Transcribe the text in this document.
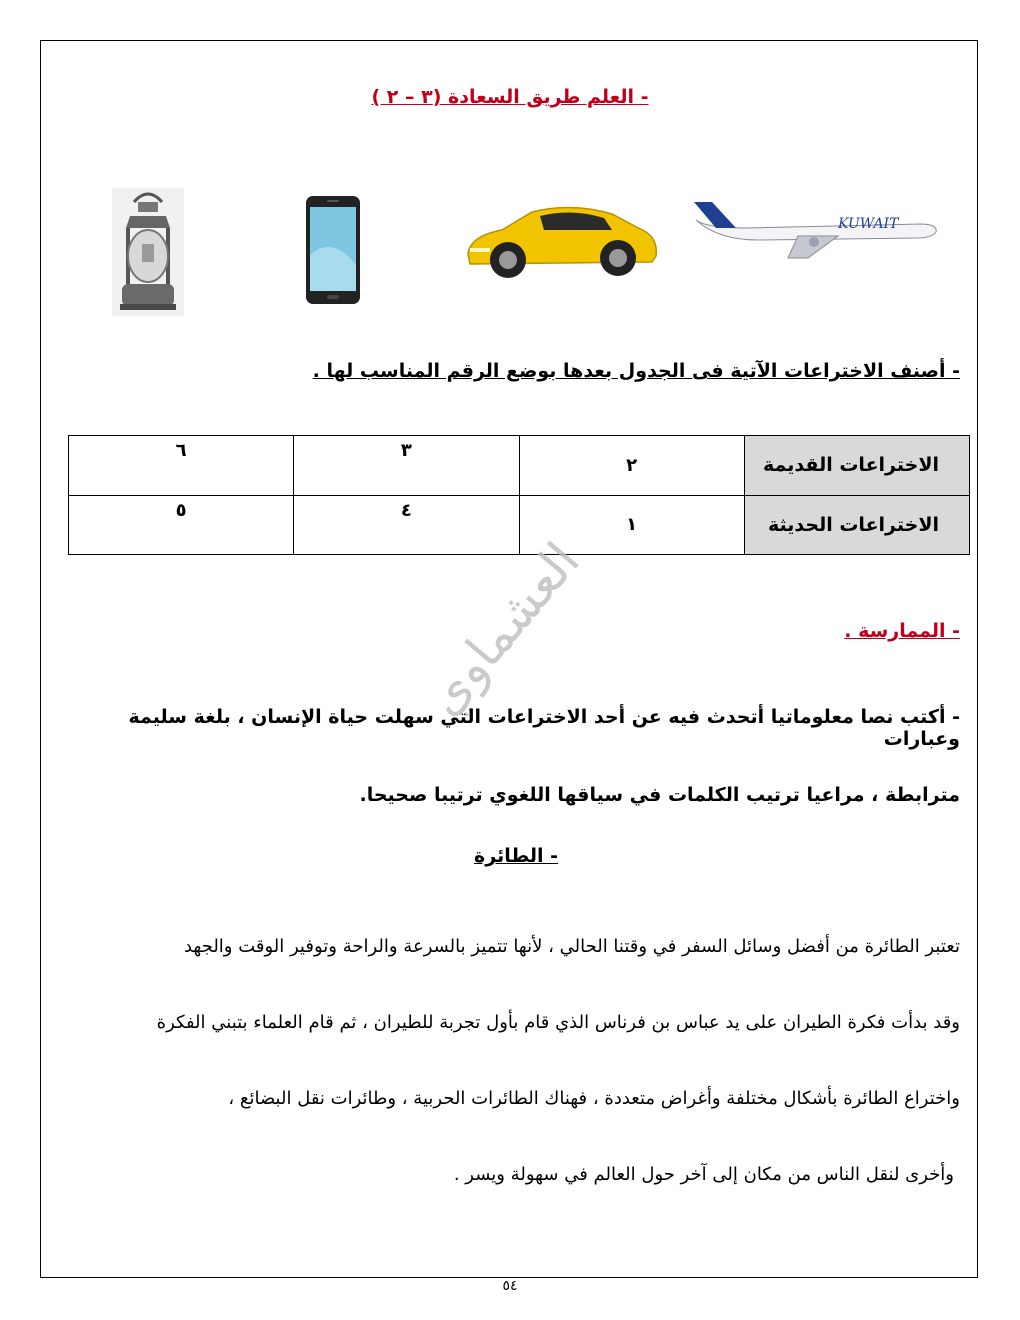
- العلم طريق السعادة (٣ – ٢ )
KUWAIT
- أصنف الاختراعات الآتية فى الجدول بعدها بوضع الرقم المناسب لها .
الاختراعات القديمة	٢	٣	٦
الاختراعات الحديثة	١	٤	٥
العشماوي	- الممارسة .
- أكتب نصا معلوماتيا أتحدث فيه عن أحد الاختراعات التي سهلت حياة الإنسان ، بلغة سليمة وعبارات
مترابطة ، مراعيا ترتيب الكلمات في سياقها اللغوي ترتيبا صحيحا.
- الطائرة
تعتبر الطائرة من أفضل وسائل السفر في وقتنا الحالي ، لأنها تتميز بالسرعة والراحة وتوفير الوقت والجهد
وقد بدأت فكرة الطيران على يد عباس بن فرناس الذي قام بأول تجربة للطيران ، ثم قام العلماء بتبني الفكرة
واختراع الطائرة بأشكال مختلفة وأغراض متعددة ، فهناك الطائرات الحربية ، وطائرات نقل البضائع ،
وأخرى لنقل الناس من مكان إلى آخر حول العالم في سهولة ويسر .
٥٤
